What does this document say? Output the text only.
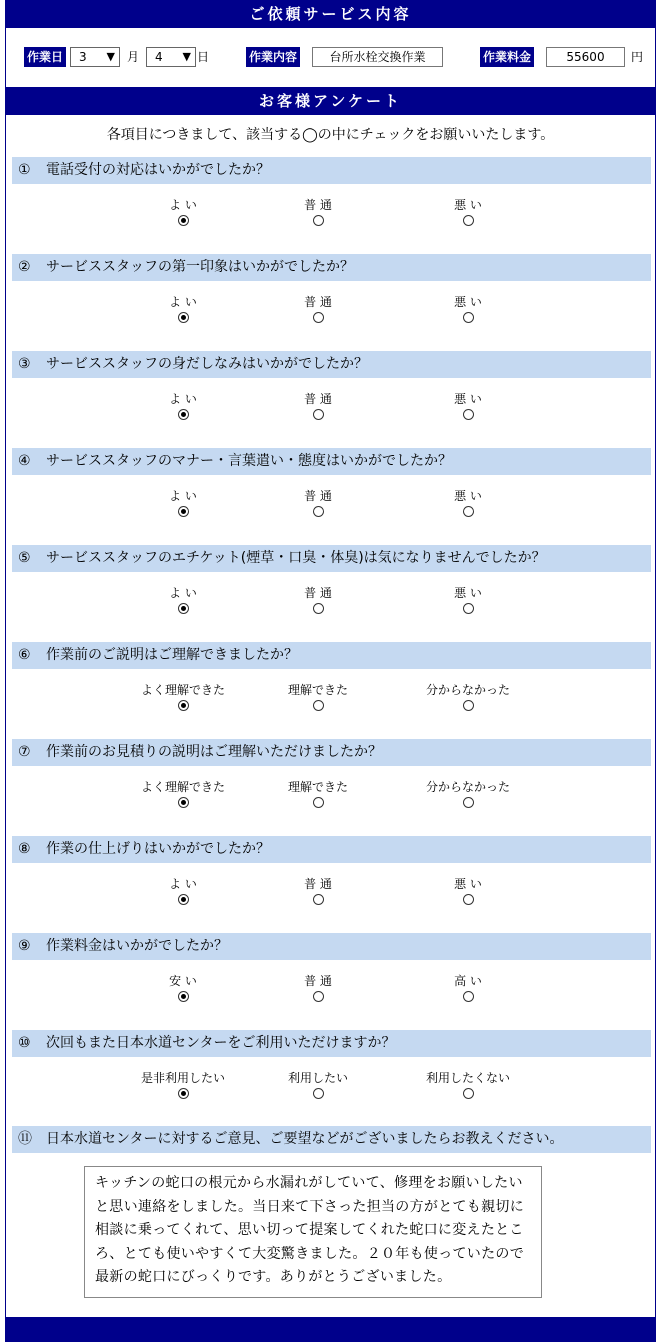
ご依頼サービス内容
作業日 3 ▼ 月 4 ▼ 日	作業内容	台所水栓交換作業	作業料金	55600	円
お客様アンケート
各項目につきまして、該当する◯の中にチェックをお願いいたします。
① 電話受付の対応はいかがでしたか？
よ い	普 通	悪 い
② サービススタッフの第一印象はいかがでしたか？
よ い	普 通	悪 い
③ サービススタッフの身だしなみはいかがでしたか？
よ い	普 通	悪 い
④ サービススタッフのマナー・言葉遣い・態度はいかがでしたか？
よ い	普 通	悪 い
⑤ サービススタッフのエチケット(煙草・口臭・体臭)は気になりませんでしたか？
よ い	普 通	悪 い
⑥ 作業前のご説明はご理解できましたか？
よく理解できた	理解できた	分からなかった
⑦ 作業前のお見積りの説明はご理解いただけましたか？
よく理解できた	理解できた	分からなかった
⑧ 作業の仕上げりはいかがでしたか？
よ い	普 通	悪 い
⑨ 作業料金はいかがでしたか？
安 い	普 通	高 い
⑩ 次回もまた日本水道センターをご利用いただけますか？
是非利用したい	利用したい	利用したくない
⑪ 日本水道センターに対するご意見、ご要望などがございましたらお教えください。
キッチンの蛇口の根元から水漏れがしていて、修理をお願いしたいと思い連絡をしました。当日来て下さった担当の方がとても親切に相談に乗ってくれて、思い切って提案してくれた蛇口に変えたところ、とても使いやすくて大変驚きました。２０年も使っていたので最新の蛇口にびっくりです。ありがとうございました。
